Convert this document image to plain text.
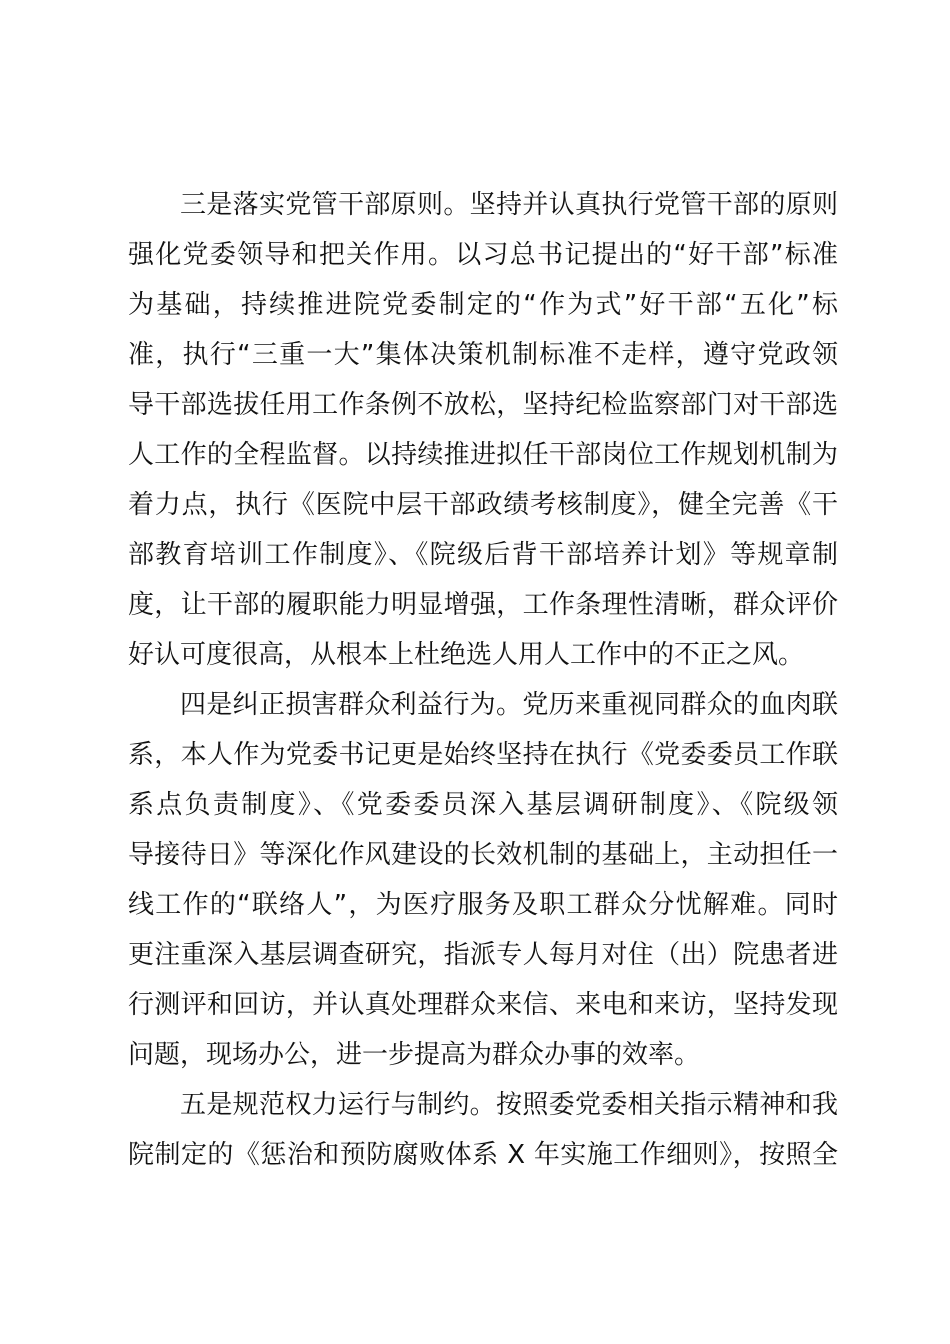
三是落实党管干部原则。坚持并认真执行党管干部的原则
强化党委领导和把关作用。以习总书记提出的“好干部”标准
为基础，持续推进院党委制定的“作为式”好干部“五化”标
准，执行“三重一大”集体决策机制标准不走样，遵守党政领
导干部选拔任用工作条例不放松，坚持纪检监察部门对干部选
人工作的全程监督。以持续推进拟任干部岗位工作规划机制为
着力点，执行《医院中层干部政绩考核制度》，健全完善《干
部教育培训工作制度》、《院级后背干部培养计划》等规章制
度，让干部的履职能力明显增强，工作条理性清晰，群众评价
好认可度很高，从根本上杜绝选人用人工作中的不正之风。
四是纠正损害群众利益行为。党历来重视同群众的血肉联
系，本人作为党委书记更是始终坚持在执行《党委委员工作联
系点负责制度》、《党委委员深入基层调研制度》、《院级领
导接待日》等深化作风建设的长效机制的基础上，主动担任一
线工作的“联络人”，为医疗服务及职工群众分忧解难。同时
更注重深入基层调查研究，指派专人每月对住（出）院患者进
行测评和回访，并认真处理群众来信、来电和来访，坚持发现
问题，现场办公，进一步提高为群众办事的效率。
五是规范权力运行与制约。按照委党委相关指示精神和我
院制定的《惩治和预防腐败体系 X 年实施工作细则》，按照全
